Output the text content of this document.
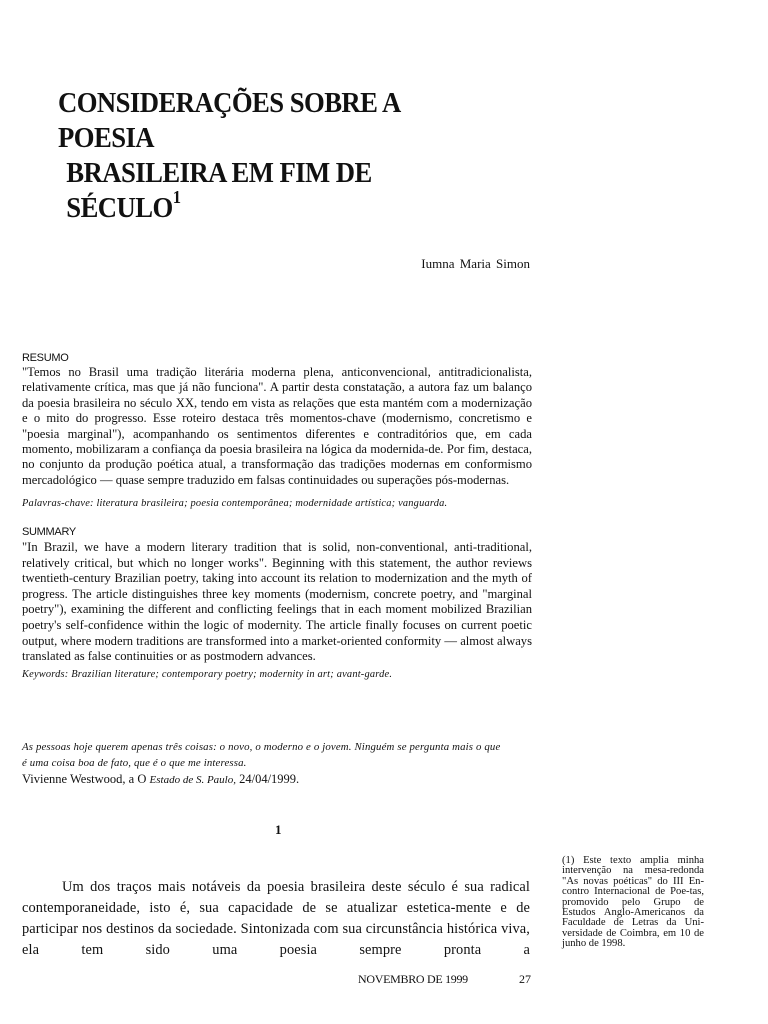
CONSIDERAÇÕES SOBRE A POESIA
BRASILEIRA EM FIM DE SÉCULO$^1$
Iumna Maria Simon
RESUMO
"Temos no Brasil uma tradição literária moderna plena, anticonvencional, antitradicionalista, relativamente crítica, mas que já não funciona". A partir desta constatação, a autora faz um balanço da poesia brasileira no século XX, tendo em vista as relações que esta mantém com a modernização e o mito do progresso. Esse roteiro destaca três momentos-chave (modernismo, concretismo e "poesia marginal"), acompanhando os sentimentos diferentes e contraditórios que, em cada momento, mobilizaram a confiança da poesia brasileira na lógica da modernida-de. Por fim, destaca, no conjunto da produção poética atual, a transformação das tradições modernas em conformismo mercadológico — quase sempre traduzido em falsas continuidades ou superações pós-modernas.
Palavras-chave: literatura brasileira; poesia contemporânea; modernidade artística; vanguarda.
SUMMARY
"In Brazil, we have a modern literary tradition that is solid, non-conventional, anti-traditional, relatively critical, but which no longer works". Beginning with this statement, the author reviews twentieth-century Brazilian poetry, taking into account its relation to modernization and the myth of progress. The article distinguishes three key moments (modernism, concrete poetry, and "marginal poetry"), examining the different and conflicting feelings that in each moment mobilized Brazilian poetry's self-confidence within the logic of modernity. The article finally focuses on current poetic output, where modern traditions are transformed into a market-oriented conformity — almost always translated as false continuities or as postmodern advances.
Keywords: Brazilian literature; contemporary poetry; modernity in art; avant-garde.
As pessoas hoje querem apenas três coisas: o novo, o moderno e o jovem. Ninguém se pergunta mais o que é uma coisa boa de fato, que é o que me interessa.
Vivienne Westwood, a O Estado de S. Paulo, 24/04/1999.
1

Um dos traços mais notáveis da poesia brasileira deste século é sua radical contemporaneidade, isto é, sua capacidade de se atualizar estetica-mente e de participar nos destinos da sociedade. Sintonizada com sua circunstância histórica viva, ela tem sido uma poesia sempre pronta a

(1) Este texto amplia minha intervenção na mesa-redonda "As novas poéticas" do III En-contro Internacional de Poe-tas, promovido pelo Grupo de Estudos Anglo-Americanos da Faculdade de Letras da Uni-versidade de Coimbra, em 10 de junho de 1998.
NOVEMBRO DE 1999	27
